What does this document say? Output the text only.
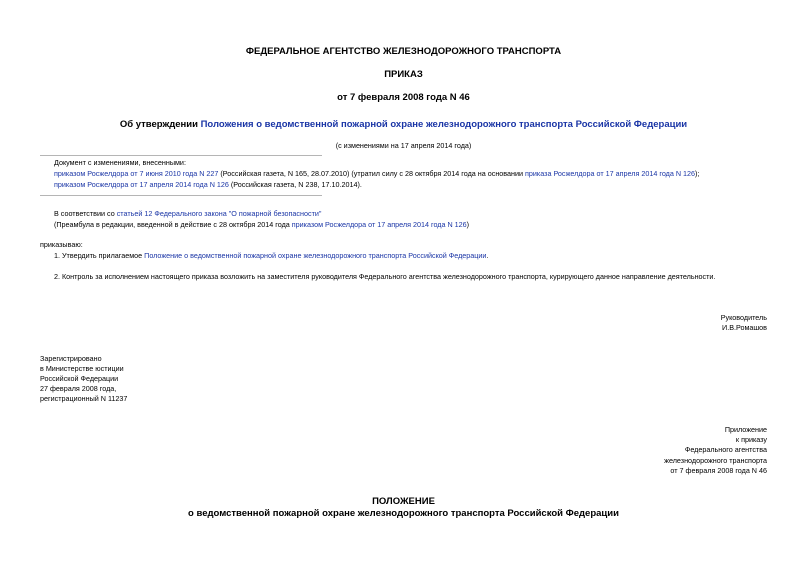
ФЕДЕРАЛЬНОЕ АГЕНТСТВО ЖЕЛЕЗНОДОРОЖНОГО ТРАНСПОРТА
ПРИКАЗ
от 7 февраля 2008 года N 46
Об утверждении Положения о ведомственной пожарной охране железнодорожного транспорта Российской Федерации
(с изменениями на 17 апреля 2014 года)
Документ с изменениями, внесенными:
приказом Росжелдора от 7 июня 2010 года N 227 (Российская газета, N 165, 28.07.2010) (утратил силу с 28 октября 2014 года на основании приказа Росжелдора от 17 апреля 2014 года N 126);
приказом Росжелдора от 17 апреля 2014 года N 126 (Российская газета, N 238, 17.10.2014).
В соответствии со статьей 12 Федерального закона "О пожарной безопасности"
(Преамбула в редакции, введенной в действие с 28 октября 2014 года приказом Росжелдора от 17 апреля 2014 года N 126)
приказываю:
1. Утвердить прилагаемое Положение о ведомственной пожарной охране железнодорожного транспорта Российской Федерации.
2. Контроль за исполнением настоящего приказа возложить на заместителя руководителя Федерального агентства железнодорожного транспорта, курирующего данное направление деятельности.
Руководитель
И.В.Ромашов
Зарегистрировано
в Министерстве юстиции
Российской Федерации
27 февраля 2008 года,
регистрационный N 11237
Приложение
к приказу
Федерального агентства
железнодорожного транспорта
от 7 февраля 2008 года N 46
ПОЛОЖЕНИЕ
о ведомственной пожарной охране железнодорожного транспорта Российской Федерации
